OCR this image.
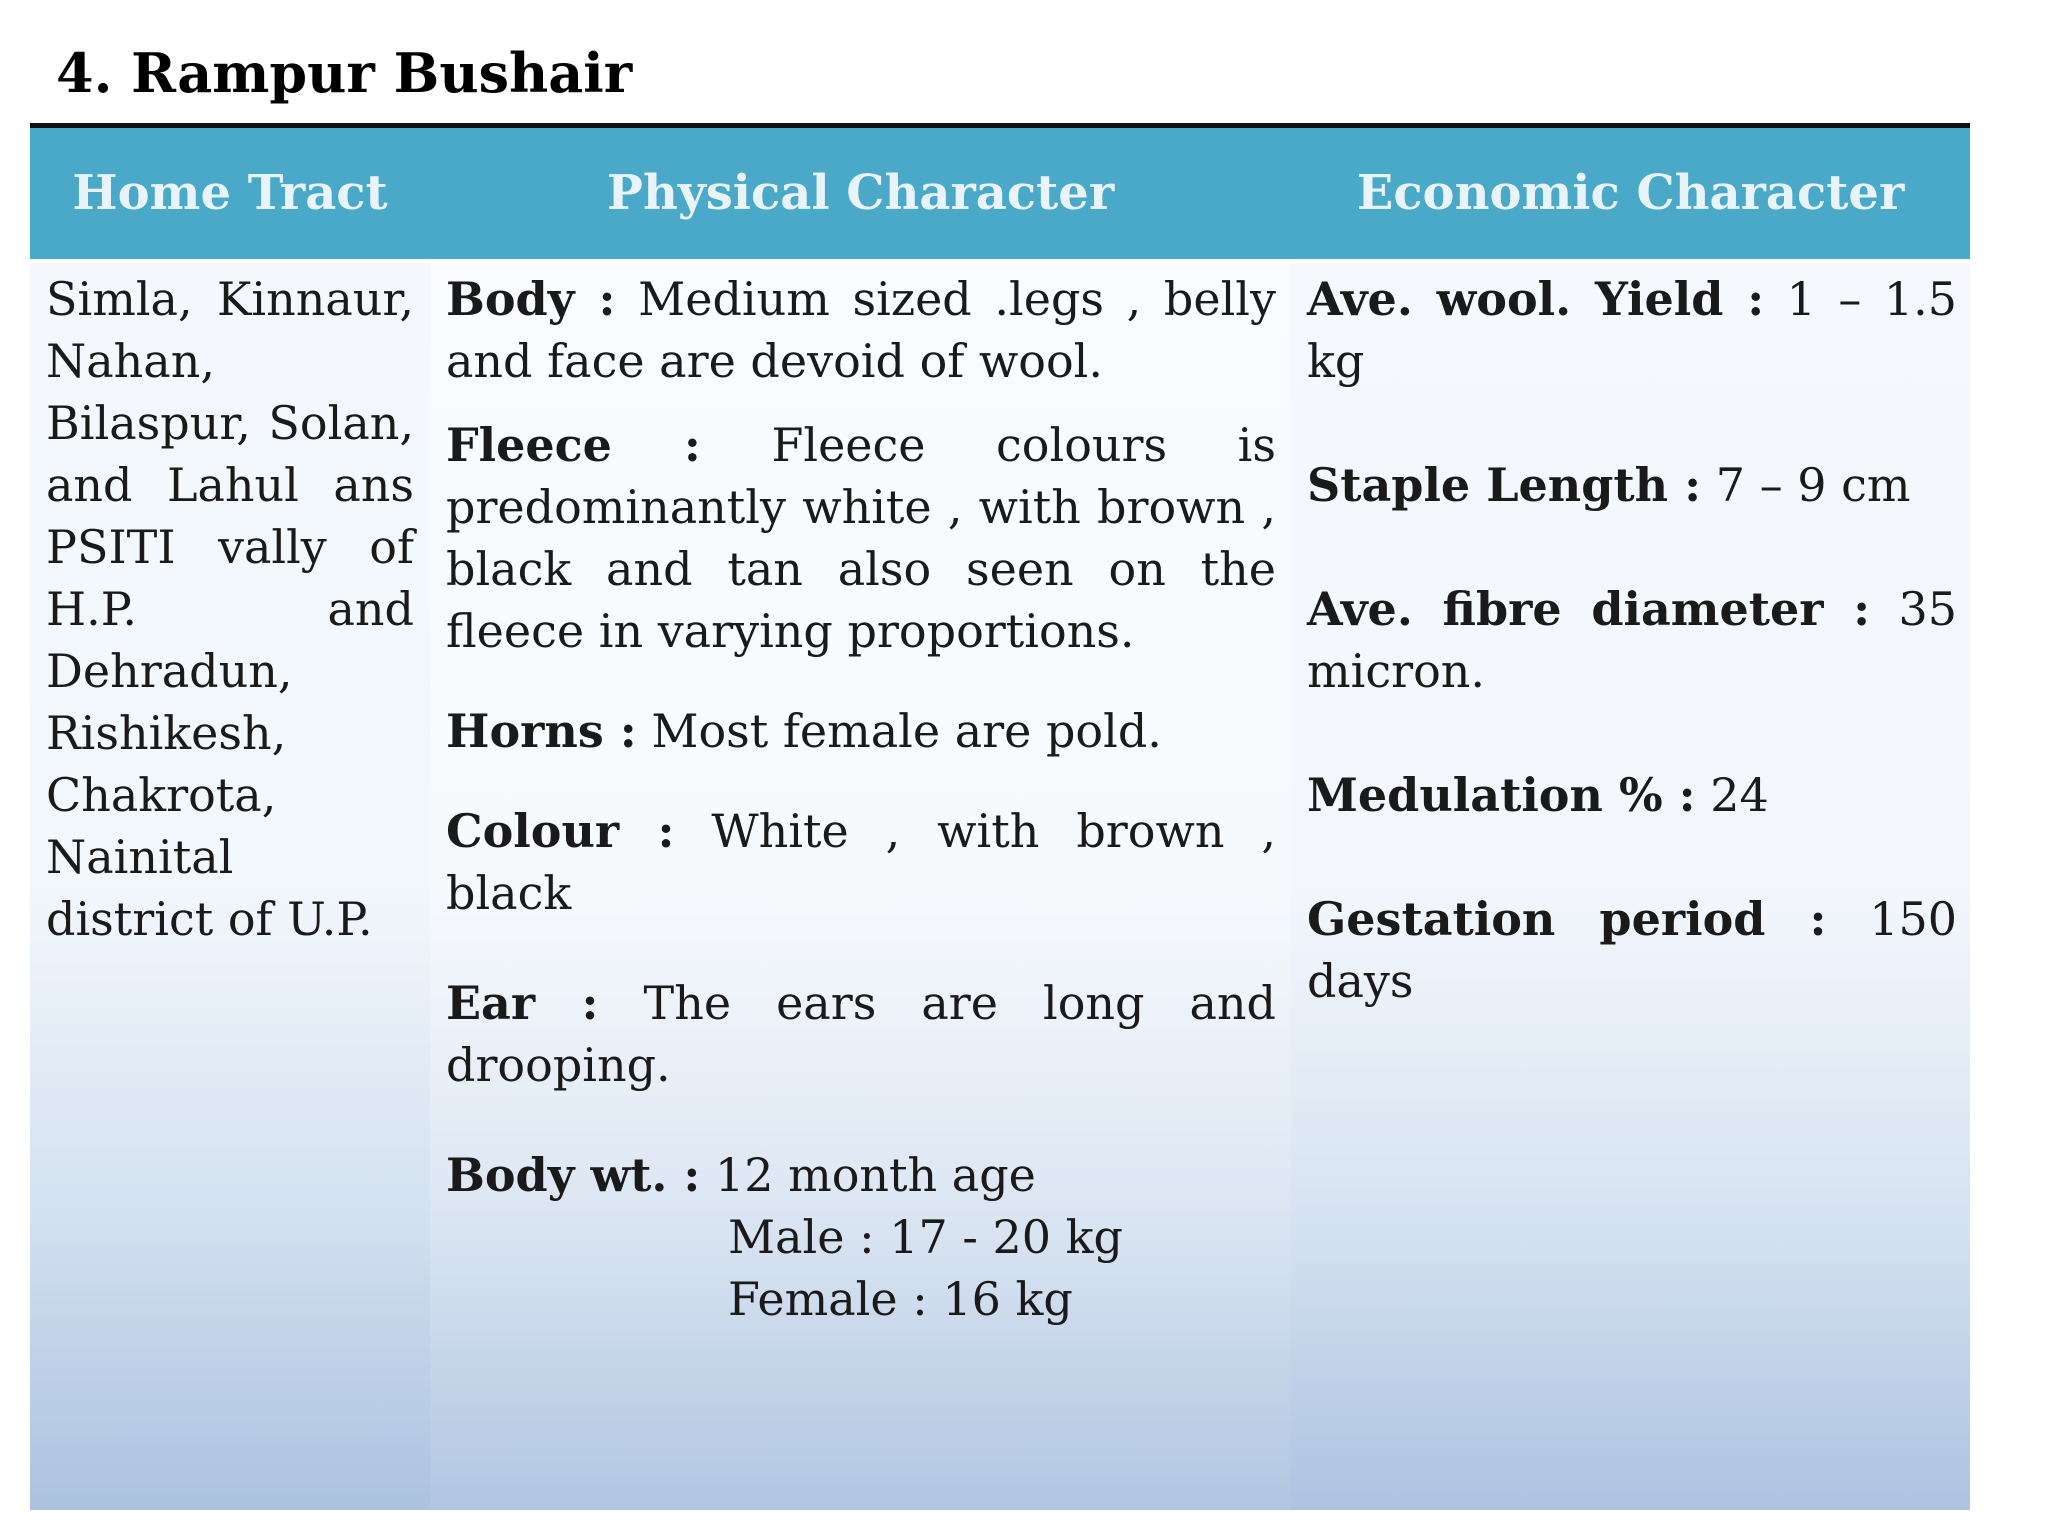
4. Rampur Bushair
Home Tract	Physical Character	Economic Character

Simla, Kinnaur, Nahan, Bilaspur, Solan, and Lahul ans PSITI vally of H.P. and Dehradun, Rishikesh, Chakrota, Nainital district of U.P.

Body : Medium sized .legs , belly and face are devoid of wool.

Fleece : Fleece colours is predominantly white , with brown , black and tan also seen on the fleece in varying proportions.

Horns : Most female are pold.

Colour : White , with brown , black

Ear : The ears are long and drooping.

Body wt. : 12 month age
Male : 17 - 20 kg
Female : 16 kg

Ave. wool. Yield : 1 – 1.5 kg

Staple Length : 7 – 9 cm

Ave. fibre diameter : 35 micron.

Medulation % : 24

Gestation period : 150 days
